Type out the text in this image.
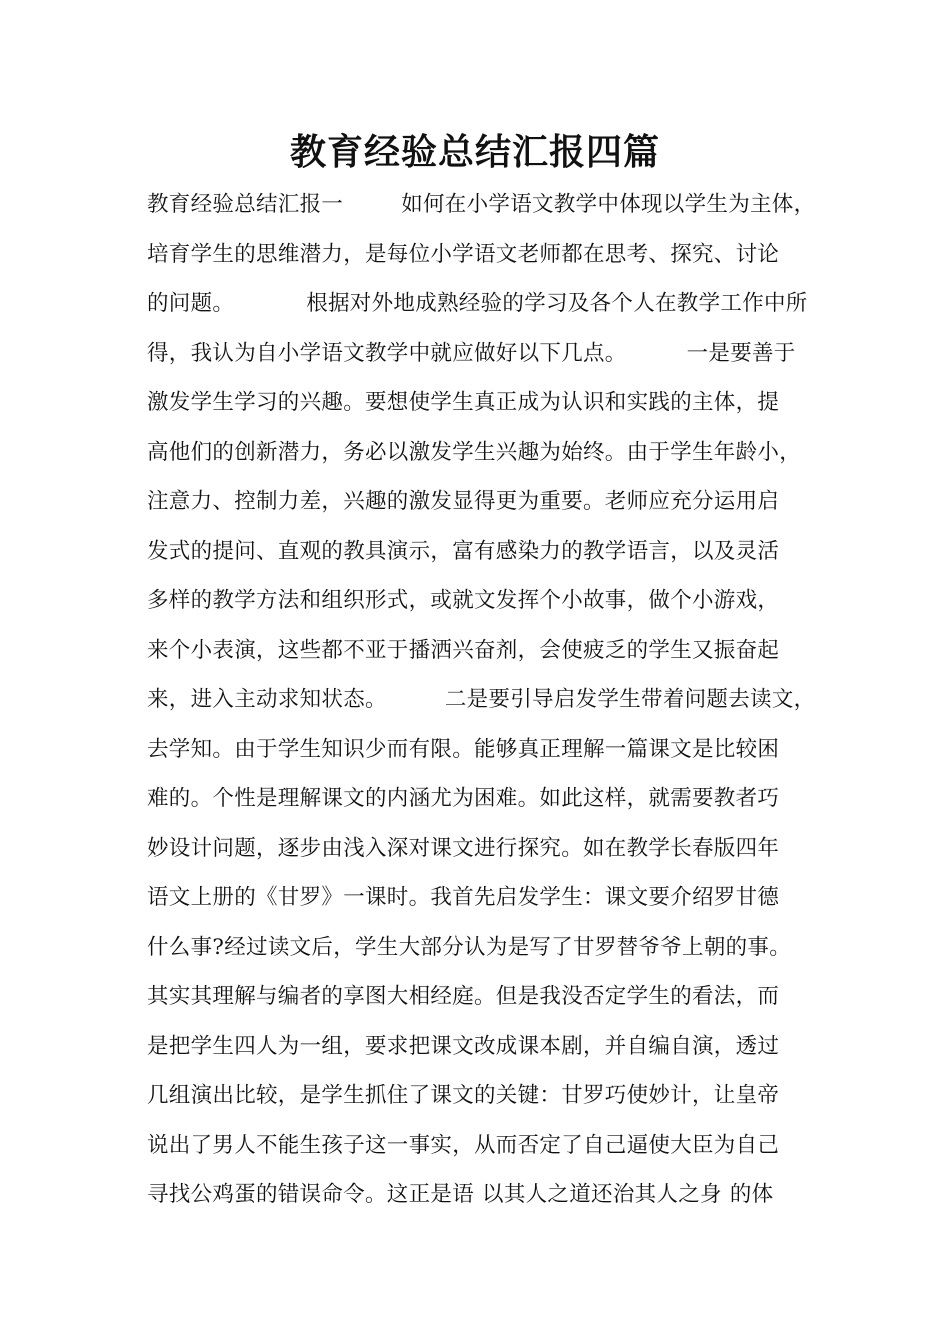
教育经验总结汇报四篇
教育经验总结汇报一	如何在小学语文教学中体现以学生为主体，
培育学生的思维潜力，是每位小学语文老师都在思考、探究、讨论
的问题。	根据对外地成熟经验的学习及各个人在教学工作中所
得，我认为自小学语文教学中就应做好以下几点。	一是要善于
激发学生学习的兴趣。要想使学生真正成为认识和实践的主体，提
高他们的创新潜力，务必以激发学生兴趣为始终。由于学生年龄小，
注意力、控制力差，兴趣的激发显得更为重要。老师应充分运用启
发式的提问、直观的教具演示，富有感染力的教学语言，以及灵活
多样的教学方法和组织形式，或就文发挥个小故事，做个小游戏，
来个小表演，这些都不亚于播洒兴奋剂，会使疲乏的学生又振奋起
来，进入主动求知状态。	二是要引导启发学生带着问题去读文，
去学知。由于学生知识少而有限。能够真正理解一篇课文是比较困
难的。个性是理解课文的内涵尤为困难。如此这样，就需要教者巧
妙设计问题，逐步由浅入深对课文进行探究。如在教学长春版四年
语文上册的《甘罗》一课时。我首先启发学生：课文要介绍罗甘德
什么事?经过读文后，学生大部分认为是写了甘罗替爷爷上朝的事。
其实其理解与编者的享图大相经庭。但是我没否定学生的看法，而
是把学生四人为一组，要求把课文改成课本剧，并自编自演，透过
几组演出比较，是学生抓住了课文的关键：甘罗巧使妙计，让皇帝
说出了男人不能生孩子这一事实，从而否定了自己逼使大臣为自己
寻找公鸡蛋的错误命令。这正是语 以其人之道还治其人之身 的体
